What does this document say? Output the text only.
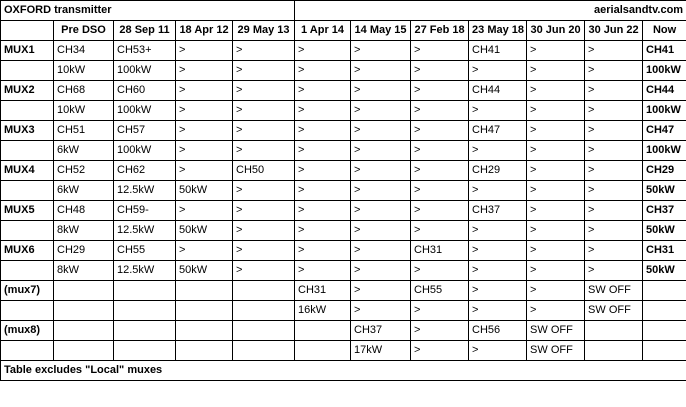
OXFORD transmitter					aerialsandtv.com						
	Pre DSO	28 Sep 11	18 Apr 12	29 May 13	1 Apr 14	14 May 15	27 Feb 18	23 May 18	30 Jun 20	30 Jun 22	Now
MUX1	CH34	CH53+	>	>	>	>	>	CH41	>	>	CH41
	10kW	100kW	>	>	>	>	>	>	>	>	100kW
MUX2	CH68	CH60	>	>	>	>	>	CH44	>	>	CH44
	10kW	100kW	>	>	>	>	>	>	>	>	100kW
MUX3	CH51	CH57	>	>	>	>	>	CH47	>	>	CH47
	6kW	100kW	>	>	>	>	>	>	>	>	100kW
MUX4	CH52	CH62	>	CH50	>	>	>	CH29	>	>	CH29
	6kW	12.5kW	50kW	>	>	>	>	>	>	>	50kW
MUX5	CH48	CH59-	>	>	>	>	>	CH37	>	>	CH37
	8kW	12.5kW	50kW	>	>	>	>	>	>	>	50kW
MUX6	CH29	CH55	>	>	>	>	CH31	>	>	>	CH31
	8kW	12.5kW	50kW	>	>	>	>	>	>	>	50kW
(mux7)					CH31	>	CH55	>	>	SW OFF	
					16kW	>	>	>	>	SW OFF	
(mux8)						CH37	>	CH56	SW OFF		
						17kW	>	>	SW OFF		
Table excludes "Local" muxes											
